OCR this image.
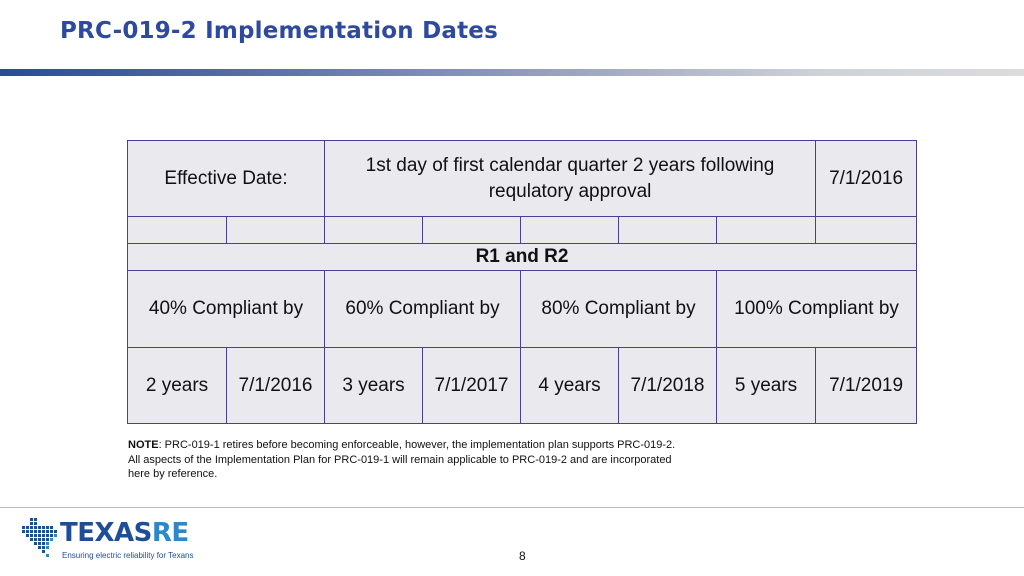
PRC-019-2 Implementation Dates
Effective Date:		1st day of first calendar quarter 2 years following requlatory approval					7/1/2016

R1 and R2							
40% Compliant by		60% Compliant by		80% Compliant by		100% Compliant by	
2 years	7/1/2016	3 years	7/1/2017	4 years	7/1/2018	5 years	7/1/2019
NOTE: PRC-019-1 retires before becoming enforceable, however, the implementation plan supports PRC-019-2. All aspects of the Implementation Plan for PRC-019-1 will remain applicable to PRC-019-2 and are incorporated here by reference.
TEXASRE
Ensuring electric reliability for Texans	8
